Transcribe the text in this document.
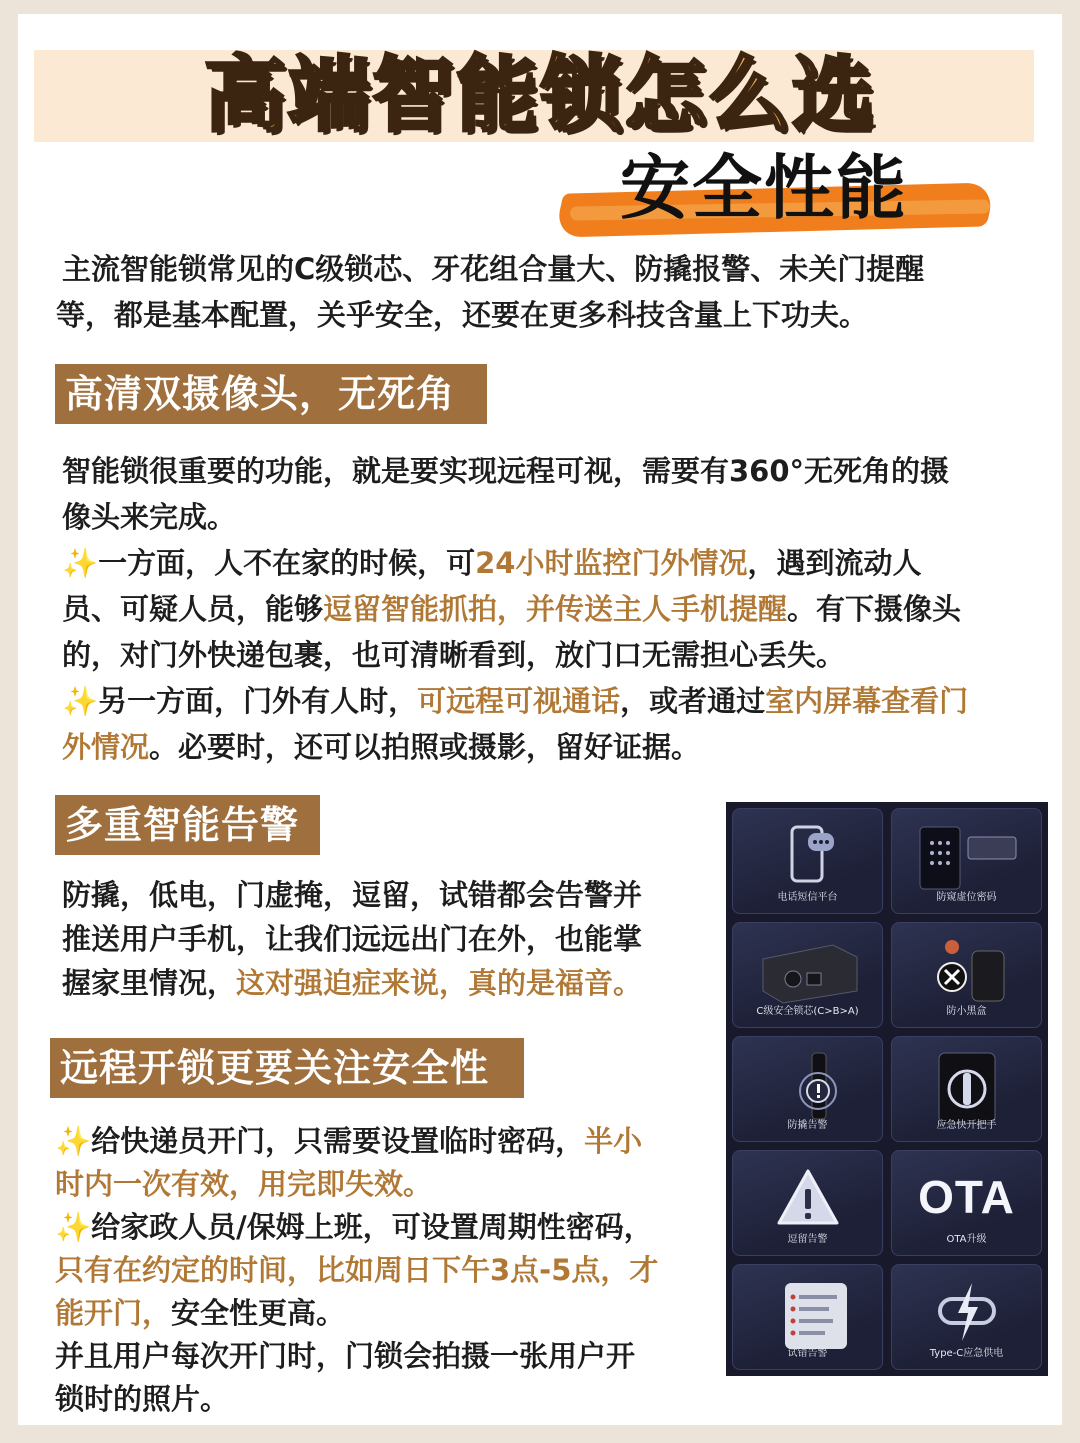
高端智能锁怎么选
安全性能
主流智能锁常见的C级锁芯、牙花组合量大、防撬报警、未关门提醒
等，都是基本配置，关乎安全，还要在更多科技含量上下功夫。
高清双摄像头，无死角
智能锁很重要的功能，就是要实现远程可视，需要有360°无死角的摄
像头来完成。
✨一方面，人不在家的时候，可24小时监控门外情况，遇到流动人
员、可疑人员，能够逗留智能抓拍，并传送主人手机提醒。有下摄像头
的，对门外快递包裹，也可清晰看到，放门口无需担心丢失。
✨另一方面，门外有人时，可远程可视通话，或者通过室内屏幕查看门
外情况。必要时，还可以拍照或摄影，留好证据。
多重智能告警
防撬，低电，门虚掩，逗留，试错都会告警并
推送用户手机，让我们远远出门在外，也能掌
握家里情况，这对强迫症来说，真的是福音。
远程开锁更要关注安全性
✨给快递员开门，只需要设置临时密码，半小
时内一次有效，用完即失效。
✨给家政人员/保姆上班，可设置周期性密码，
只有在约定的时间，比如周日下午3点-5点，才
能开门，安全性更高。
并且用户每次开门时，门锁会拍摄一张用户开
锁时的照片。
电话短信平台	防窥虚位密码
C级安全锁芯(C>B>A)	防小黑盒
防撬告警	应急快开把手
逗留告警
OTA
OTA升级
试错告警	Type-C应急供电
